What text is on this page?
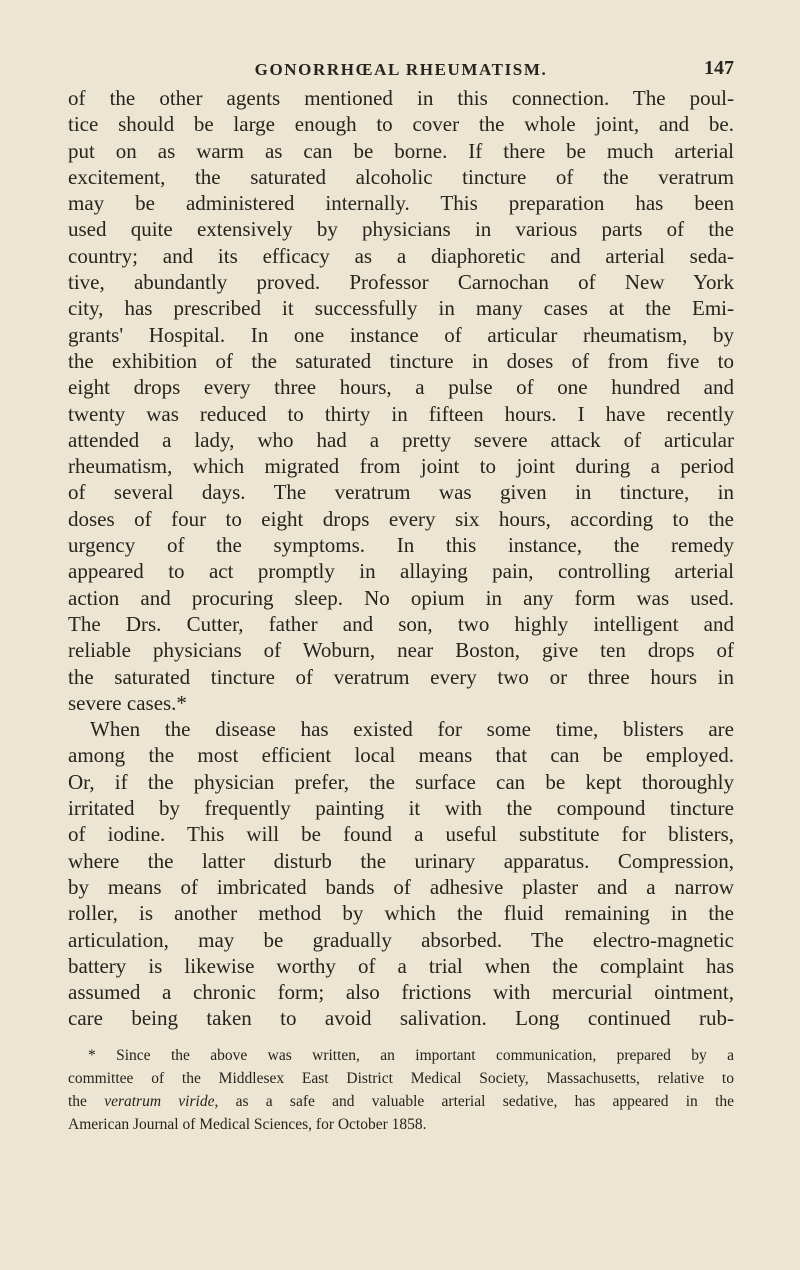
GONORRHŒAL RHEUMATISM.	147
of the other agents mentioned in this connection. The poul-
tice should be large enough to cover the whole joint, and be.
put on as warm as can be borne. If there be much arterial
excitement, the saturated alcoholic tincture of the veratrum
may be administered internally. This preparation has been
used quite extensively by physicians in various parts of the
country; and its efficacy as a diaphoretic and arterial seda-
tive, abundantly proved. Professor Carnochan of New York
city, has prescribed it successfully in many cases at the Emi-
grants' Hospital. In one instance of articular rheumatism, by
the exhibition of the saturated tincture in doses of from five to
eight drops every three hours, a pulse of one hundred and
twenty was reduced to thirty in fifteen hours. I have recently
attended a lady, who had a pretty severe attack of articular
rheumatism, which migrated from joint to joint during a period
of several days. The veratrum was given in tincture, in
doses of four to eight drops every six hours, according to the
urgency of the symptoms. In this instance, the remedy
appeared to act promptly in allaying pain, controlling arterial
action and procuring sleep. No opium in any form was used.
The Drs. Cutter, father and son, two highly intelligent and
reliable physicians of Woburn, near Boston, give ten drops of
the saturated tincture of veratrum every two or three hours in
severe cases.*
When the disease has existed for some time, blisters are
among the most efficient local means that can be employed.
Or, if the physician prefer, the surface can be kept thoroughly
irritated by frequently painting it with the compound tincture
of iodine. This will be found a useful substitute for blisters,
where the latter disturb the urinary apparatus. Compression,
by means of imbricated bands of adhesive plaster and a narrow
roller, is another method by which the fluid remaining in the
articulation, may be gradually absorbed. The electro-magnetic
battery is likewise worthy of a trial when the complaint has
assumed a chronic form; also frictions with mercurial ointment,
care being taken to avoid salivation. Long continued rub-
* Since the above was written, an important communication, prepared by a
committee of the Middlesex East District Medical Society, Massachusetts, relative to
the veratrum viride, as a safe and valuable arterial sedative, has appeared in the
American Journal of Medical Sciences, for October 1858.
